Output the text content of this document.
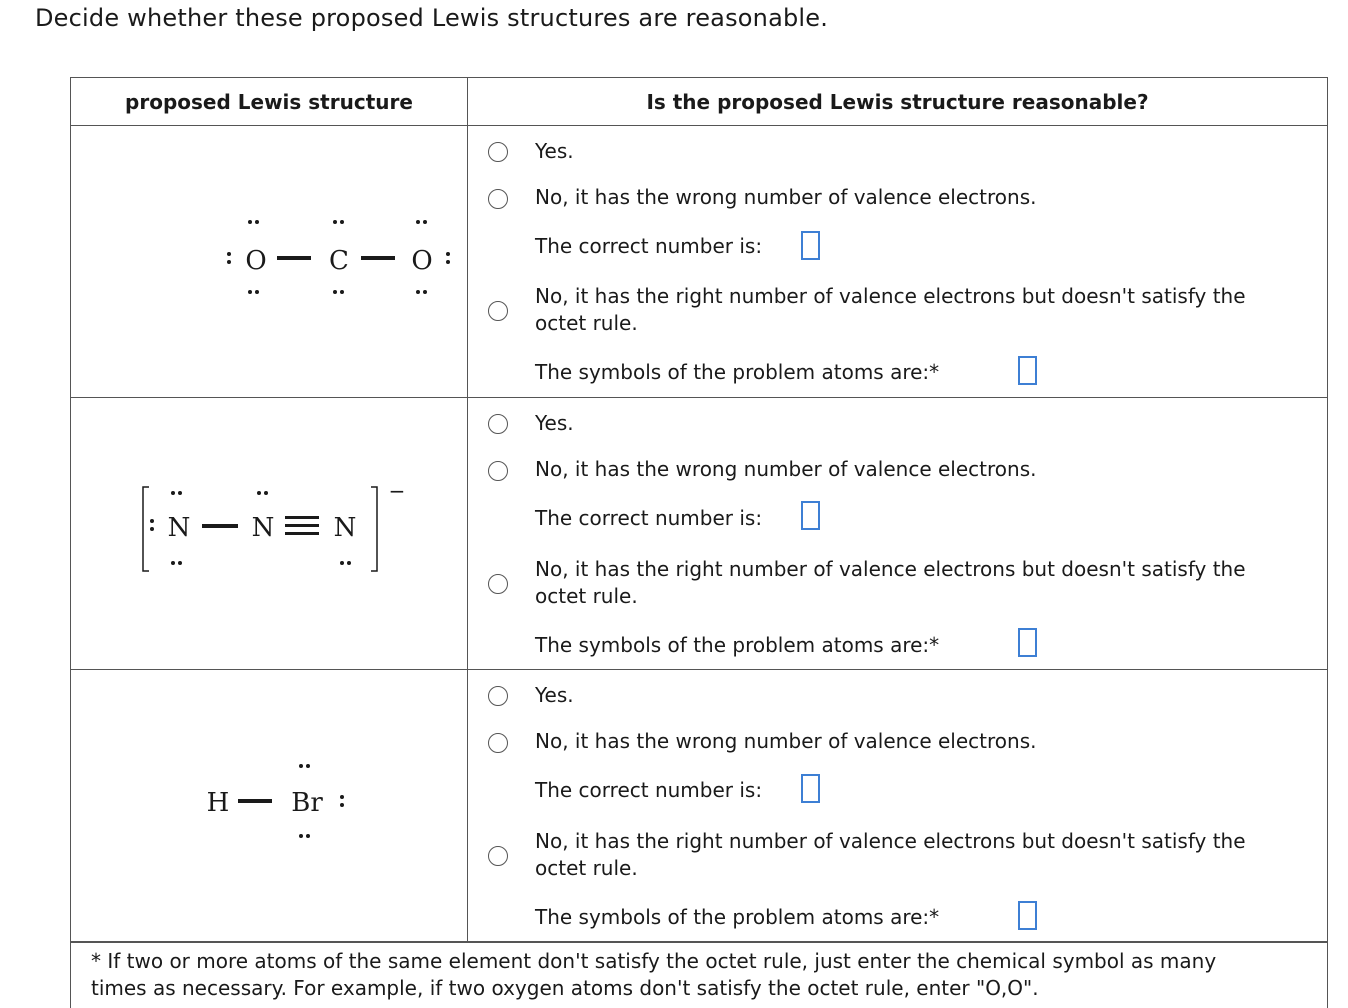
Decide whether these proposed Lewis structures are reasonable.
proposed Lewis structure	Is the proposed Lewis structure reasonable?
O C O
Yes.
No, it has the wrong number of valence electrons.
The correct number is:
No, it has the right number of valence electrons but doesn't satisfy the
octet rule.
The symbols of the problem atoms are:*
−
N N N
Yes.
No, it has the wrong number of valence electrons.
The correct number is:
No, it has the right number of valence electrons but doesn't satisfy the
octet rule.
The symbols of the problem atoms are:*
H Br
Yes.
No, it has the wrong number of valence electrons.
The correct number is:
No, it has the right number of valence electrons but doesn't satisfy the
octet rule.
The symbols of the problem atoms are:*
* If two or more atoms of the same element don't satisfy the octet rule, just enter the chemical symbol as many
times as necessary. For example, if two oxygen atoms don't satisfy the octet rule, enter "O,O".
